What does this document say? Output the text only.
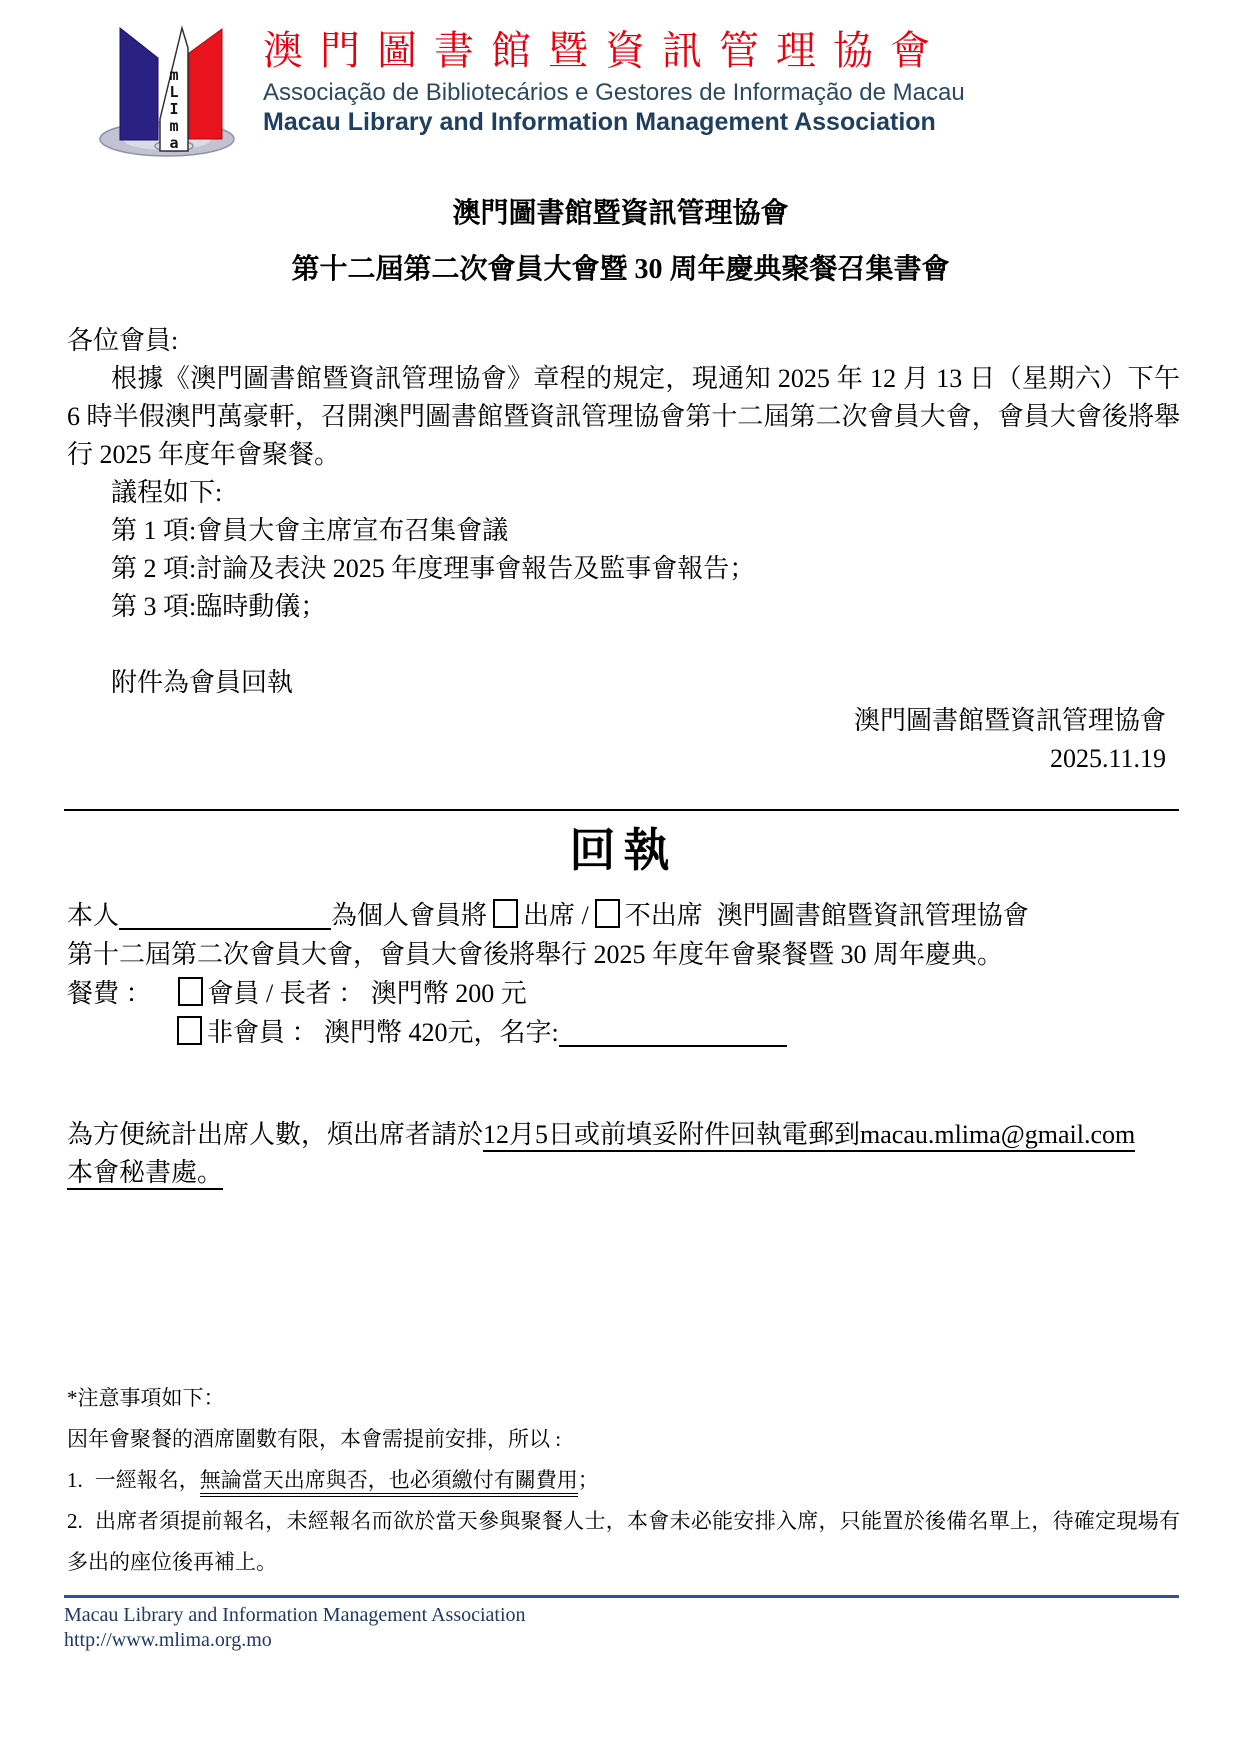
m
L
I
m
a
澳門圖書館暨資訊管理協會
Associação de Bibliotecários e Gestores de Informação de Macau
Macau Library and Information Management Association
澳門圖書館暨資訊管理協會
第十二屆第二次會員大會暨 30 周年慶典聚餐召集書會
各位會員:
根據《澳門圖書館暨資訊管理協會》章程的規定，現通知 2025 年 12 月 13 日（星期六）下午 6 時半假澳門萬豪軒，召開澳門圖書館暨資訊管理協會第十二屆第二次會員大會，會員大會後將舉行 2025 年度年會聚餐。
議程如下:
第 1 項:會員大會主席宣布召集會議
第 2 項:討論及表決 2025 年度理事會報告及監事會報告；
第 3 項:臨時動儀；
附件為會員回執
澳門圖書館暨資訊管理協會
2025.11.19
回執
本人	為個人會員將 出席 / 不出席 澳門圖書館暨資訊管理協會
第十二屆第二次會員大會，會員大會後將舉行 2025 年度年會聚餐暨 30 周年慶典。
餐費 ： 會員 / 長者 ： 澳門幣 200 元
非會員 ： 澳門幣 420元，名字:
為方便統計出席人數，煩出席者請於12月5日或前填妥附件回執電郵到macau.mlima@gmail.com
本會秘書處。
*注意事項如下：
因年會聚餐的酒席圍數有限，本會需提前安排，所以 :
1. 一經報名，無論當天出席與否，也必須繳付有關費用；
2. 出席者須提前報名，未經報名而欲於當天參與聚餐人士，本會未必能安排入席，只能置於後備名單上，待確定現場有多出的座位後再補上。
Macau Library and Information Management Association
http://www.mlima.org.mo
